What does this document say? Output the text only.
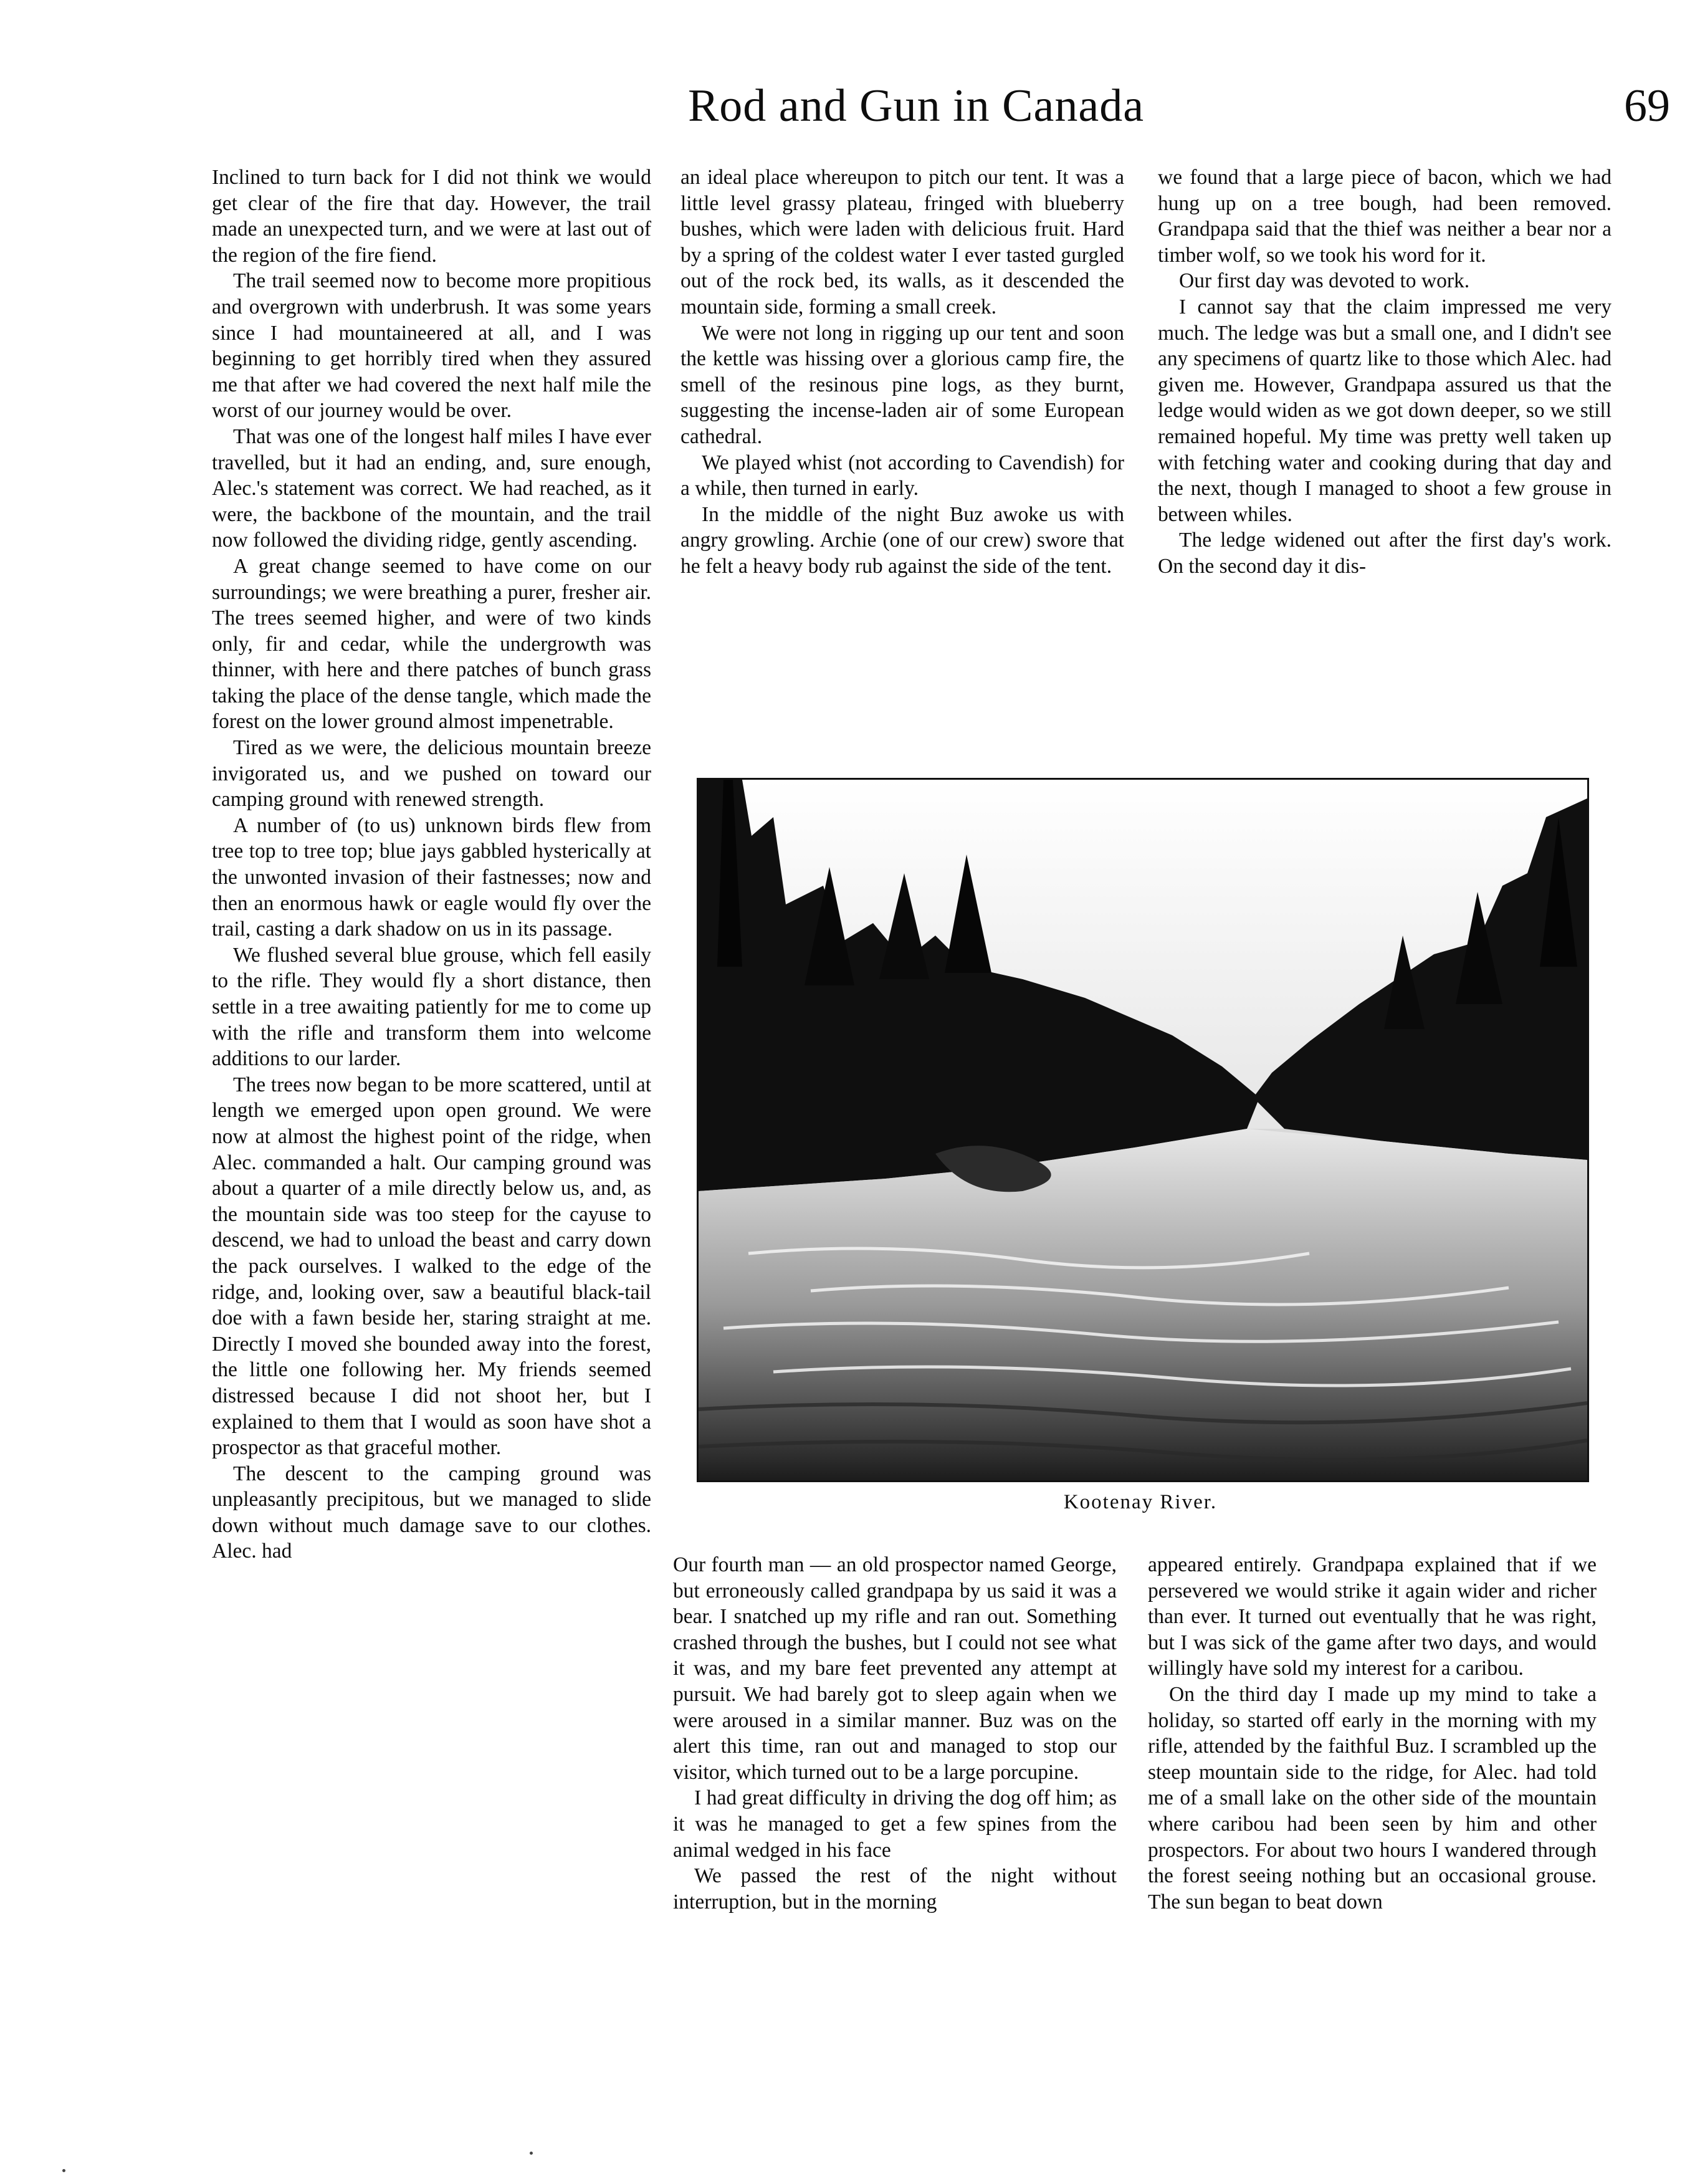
Rod and Gun in Canada	69

Inclined to turn back for I did not think we would get clear of the fire that day. However, the trail made an unexpected turn, and we were at last out of the region of the fire fiend.

The trail seemed now to become more propitious and overgrown with underbrush. It was some years since I had mountaineered at all, and I was beginning to get horribly tired when they assured me that after we had covered the next half mile the worst of our journey would be over.

That was one of the longest half miles I have ever travelled, but it had an ending, and, sure enough, Alec.'s statement was correct. We had reached, as it were, the backbone of the mountain, and the trail now followed the dividing ridge, gently ascending.

A great change seemed to have come on our surroundings; we were breathing a purer, fresher air. The trees seemed higher, and were of two kinds only, fir and cedar, while the undergrowth was thinner, with here and there patches of bunch grass taking the place of the dense tangle, which made the forest on the lower ground almost impenetrable.

Tired as we were, the delicious mountain breeze invigorated us, and we pushed on toward our camping ground with renewed strength.

A number of (to us) unknown birds flew from tree top to tree top; blue jays gabbled hysterically at the unwonted invasion of their fastnesses; now and then an enormous hawk or eagle would fly over the trail, casting a dark shadow on us in its passage.

We flushed several blue grouse, which fell easily to the rifle. They would fly a short distance, then settle in a tree awaiting patiently for me to come up with the rifle and transform them into welcome additions to our larder.

The trees now began to be more scattered, until at length we emerged upon open ground. We were now at almost the highest point of the ridge, when Alec. commanded a halt. Our camping ground was about a quarter of a mile directly below us, and, as the mountain side was too steep for the cayuse to descend, we had to unload the beast and carry down the pack ourselves. I walked to the edge of the ridge, and, looking over, saw a beautiful black-tail doe with a fawn beside her, staring straight at me. Directly I moved she bounded away into the forest, the little one following her. My friends seemed distressed because I did not shoot her, but I explained to them that I would as soon have shot a prospector as that graceful mother.

The descent to the camping ground was unpleasantly precipitous, but we managed to slide down without much damage save to our clothes. Alec. had

an ideal place whereupon to pitch our tent. It was a little level grassy plateau, fringed with blueberry bushes, which were laden with delicious fruit. Hard by a spring of the coldest water I ever tasted gurgled out of the rock bed, its walls, as it descended the mountain side, forming a small creek.

We were not long in rigging up our tent and soon the kettle was hissing over a glorious camp fire, the smell of the resinous pine logs, as they burnt, suggesting the incense-laden air of some European cathedral.

We played whist (not according to Cavendish) for a while, then turned in early.

In the middle of the night Buz awoke us with angry growling. Archie (one of our crew) swore that he felt a heavy body rub against the side of the tent.

we found that a large piece of bacon, which we had hung up on a tree bough, had been removed. Grandpapa said that the thief was neither a bear nor a timber wolf, so we took his word for it.

Our first day was devoted to work.

I cannot say that the claim impressed me very much. The ledge was but a small one, and I didn't see any specimens of quartz like to those which Alec. had given me. However, Grandpapa assured us that the ledge would widen as we got down deeper, so we still remained hopeful. My time was pretty well taken up with fetching water and cooking during that day and the next, though I managed to shoot a few grouse in between whiles.

The ledge widened out after the first day's work. On the second day it dis-

Kootenay River.

Our fourth man — an old prospector named George, but erroneously called grandpapa by us said it was a bear. I snatched up my rifle and ran out. Something crashed through the bushes, but I could not see what it was, and my bare feet prevented any attempt at pursuit. We had barely got to sleep again when we were aroused in a similar manner. Buz was on the alert this time, ran out and managed to stop our visitor, which turned out to be a large porcupine.

I had great difficulty in driving the dog off him; as it was he managed to get a few spines from the animal wedged in his face

We passed the rest of the night without interruption, but in the morning

appeared entirely. Grandpapa explained that if we persevered we would strike it again wider and richer than ever. It turned out eventually that he was right, but I was sick of the game after two days, and would willingly have sold my interest for a caribou.

On the third day I made up my mind to take a holiday, so started off early in the morning with my rifle, attended by the faithful Buz. I scrambled up the steep mountain side to the ridge, for Alec. had told me of a small lake on the other side of the mountain where caribou had been seen by him and other prospectors. For about two hours I wandered through the forest seeing nothing but an occasional grouse. The sun began to beat down
